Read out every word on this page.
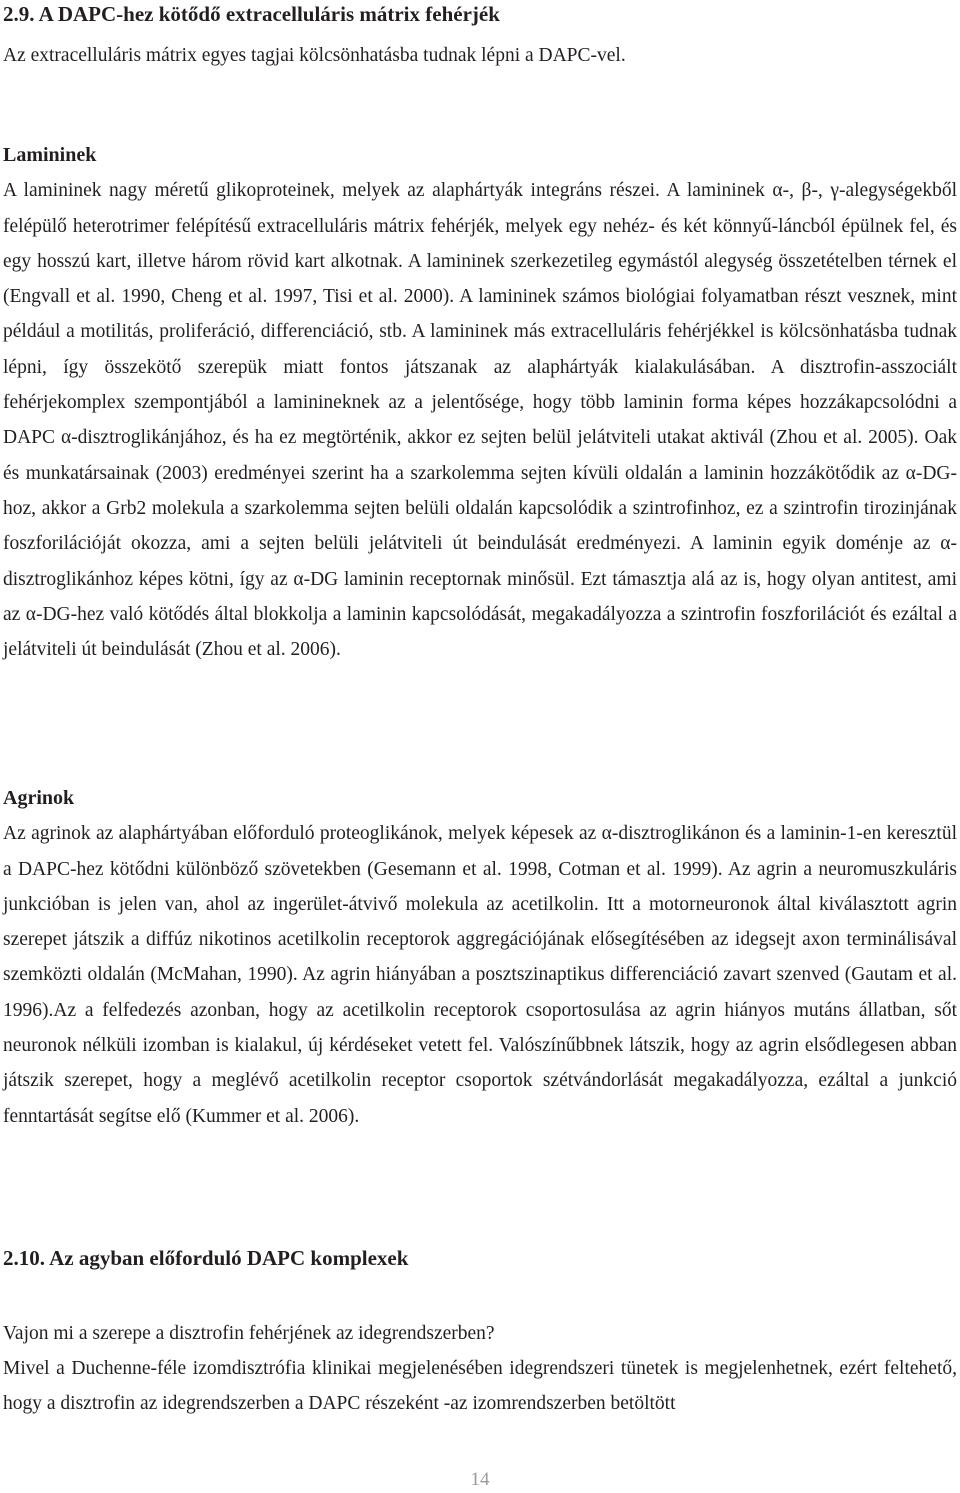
2.9. A DAPC-hez kötődő extracelluláris mátrix fehérjék

Az extracelluláris mátrix egyes tagjai kölcsönhatásba tudnak lépni a DAPC-vel.

Lamininek

A lamininek nagy méretű glikoproteinek, melyek az alaphártyák integráns részei. A lamininek α-, β-, γ-alegységekből felépülő heterotrimer felépítésű extracelluláris mátrix fehérjék, melyek egy nehéz- és két könnyű-láncból épülnek fel, és egy hosszú kart, illetve három rövid kart alkotnak. A lamininek szerkezetileg egymástól alegység összetételben térnek el (Engvall et al. 1990, Cheng et al. 1997, Tisi et al. 2000). A lamininek számos biológiai folyamatban részt vesznek, mint például a motilitás, proliferáció, differenciáció, stb. A lamininek más extracelluláris fehérjékkel is kölcsönhatásba tudnak lépni, így összekötő szerepük miatt fontos játszanak az alaphártyák kialakulásában. A disztrofin-asszociált fehérjekomplex szempontjából a laminineknek az a jelentősége, hogy több laminin forma képes hozzákapcsolódni a DAPC α-disztroglikánjához, és ha ez megtörténik, akkor ez sejten belül jelátviteli utakat aktivál (Zhou et al. 2005). Oak és munkatársainak (2003) eredményei szerint ha a szarkolemma sejten kívüli oldalán a laminin hozzákötődik az α-DG-hoz, akkor a Grb2 molekula a szarkolemma sejten belüli oldalán kapcsolódik a szintrofinhoz, ez a szintrofin tirozinjának foszforilációját okozza, ami a sejten belüli jelátviteli út beindulását eredményezi. A laminin egyik doménje az α-disztroglikánhoz képes kötni, így az α-DG laminin receptornak minősül. Ezt támasztja alá az is, hogy olyan antitest, ami az α-DG-hez való kötődés által blokkolja a laminin kapcsolódását, megakadályozza a szintrofin foszforilációt és ezáltal a jelátviteli út beindulását (Zhou et al. 2006).

Agrinok

Az agrinok az alaphártyában előforduló proteoglikánok, melyek képesek az α-disztroglikánon és a laminin-1-en keresztül a DAPC-hez kötődni különböző szövetekben (Gesemann et al. 1998, Cotman et al. 1999). Az agrin a neuromuszkuláris junkcióban is jelen van, ahol az ingerület-átvivő molekula az acetilkolin. Itt a motorneuronok által kiválasztott agrin szerepet játszik a diffúz nikotinos acetilkolin receptorok aggregációjának elősegítésében az idegsejt axon terminálisával szemközti oldalán (McMahan, 1990). Az agrin hiányában a posztszinaptikus differenciáció zavart szenved (Gautam et al. 1996).Az a felfedezés azonban, hogy az acetilkolin receptorok csoportosulása az agrin hiányos mutáns állatban, sőt neuronok nélküli izomban is kialakul, új kérdéseket vetett fel. Valószínűbbnek látszik, hogy az agrin elsődlegesen abban játszik szerepet, hogy a meglévő acetilkolin receptor csoportok szétvándorlását megakadályozza, ezáltal a junkció fenntartását segítse elő (Kummer et al. 2006).

2.10. Az agyban előforduló DAPC komplexek

Vajon mi a szerepe a disztrofin fehérjének az idegrendszerben?

Mivel a Duchenne-féle izomdisztrófia klinikai megjelenésében idegrendszeri tünetek is megjelenhetnek, ezért feltehető, hogy a disztrofin az idegrendszerben a DAPC részeként -az izomrendszerben betöltött

14
